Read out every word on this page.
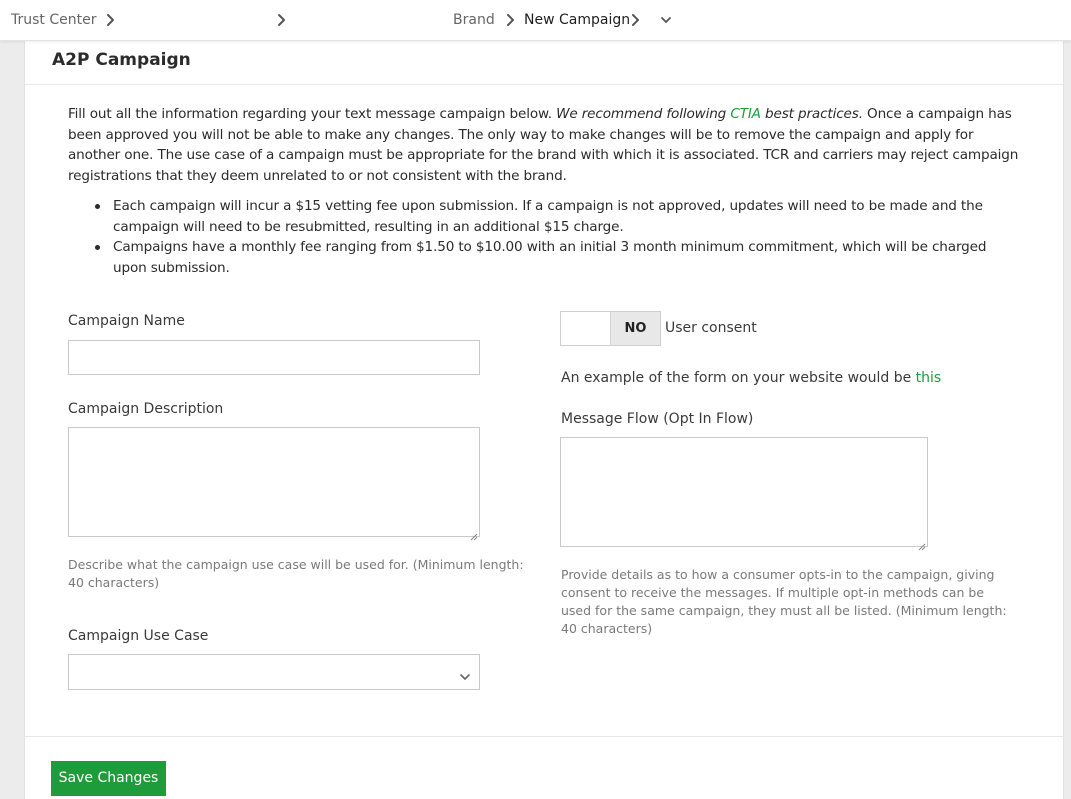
Trust Center	Brand New Campaign
A2P Campaign
Fill out all the information regarding your text message campaign below. We recommend following CTIA best practices. Once a campaign has been approved you will not be able to make any changes. The only way to make changes will be to remove the campaign and apply for another one. The use case of a campaign must be appropriate for the brand with which it is associated. TCR and carriers may reject campaign registrations that they deem unrelated to or not consistent with the brand.
Each campaign will incur a $15 vetting fee upon submission. If a campaign is not approved, updates will need to be made and the campaign will need to be resubmitted, resulting in an additional $15 charge.
Campaigns have a monthly fee ranging from $1.50 to $10.00 with an initial 3 month minimum commitment, which will be charged upon submission.
Campaign Name
Campaign Description
Describe what the campaign use case will be used for. (Minimum length: 40 characters)
Campaign Use Case
NO	User consent
An example of the form on your website would be this
Message Flow (Opt In Flow)
Provide details as to how a consumer opts-in to the campaign, giving consent to receive the messages. If multiple opt-in methods can be used for the same campaign, they must all be listed. (Minimum length: 40 characters)
Save Changes
